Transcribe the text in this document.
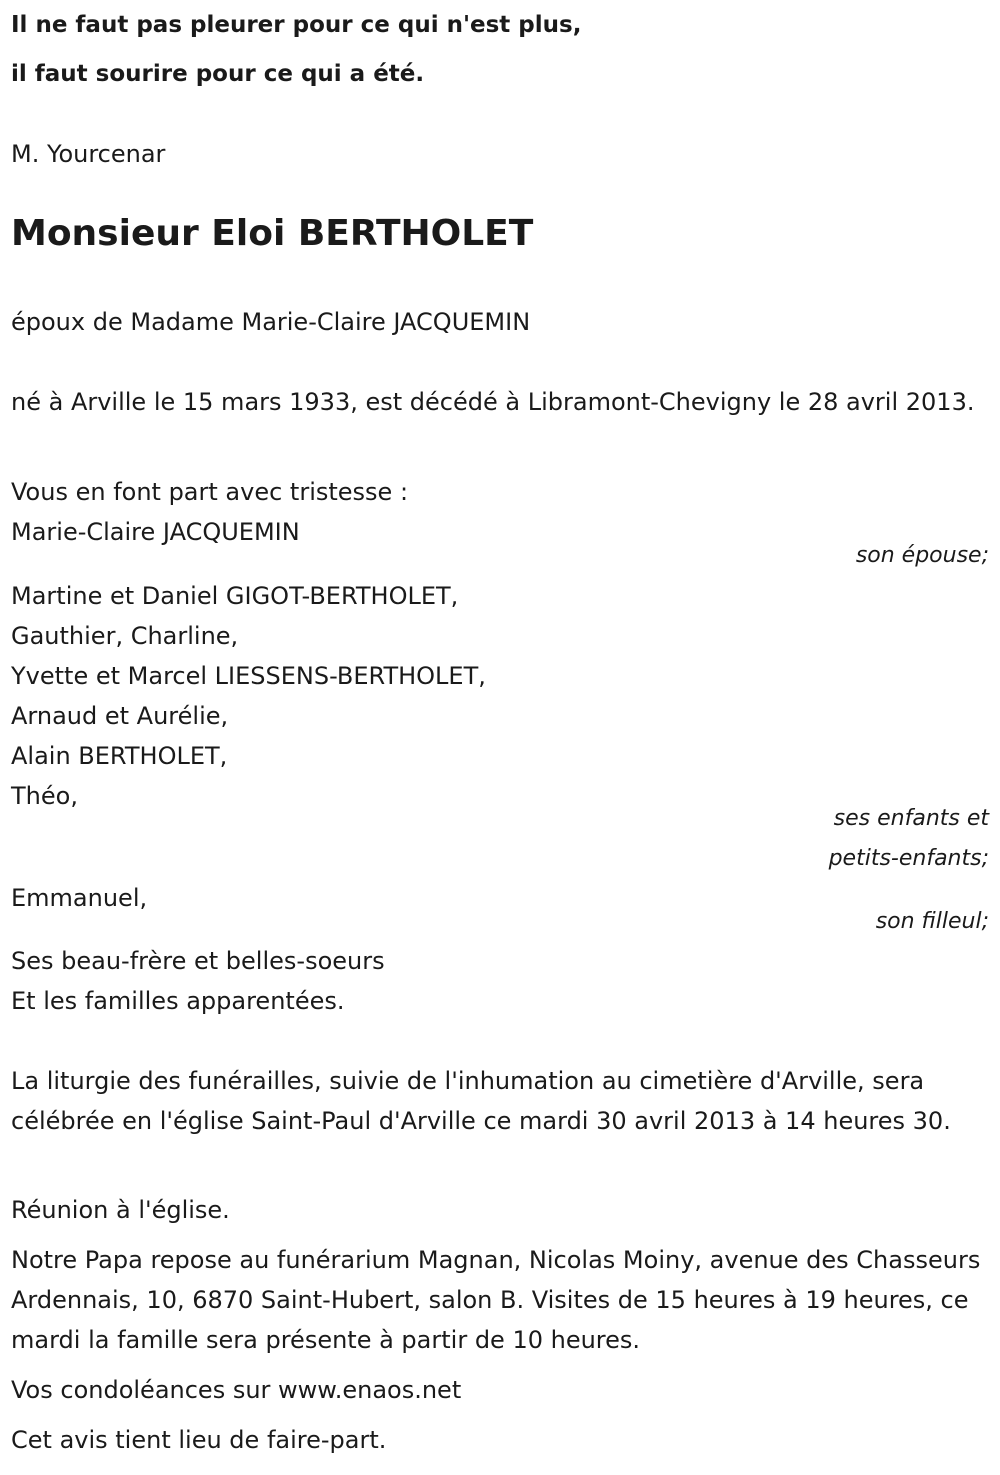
Il ne faut pas pleurer pour ce qui n'est plus,

il faut sourire pour ce qui a été.

M. Yourcenar

Monsieur Eloi BERTHOLET

époux de Madame Marie-Claire JACQUEMIN

né à Arville le 15 mars 1933, est décédé à Libramont-Chevigny le 28 avril 2013.

Vous en font part avec tristesse :

Marie-Claire JACQUEMIN

son épouse;

Martine et Daniel GIGOT-BERTHOLET,

Gauthier, Charline,

Yvette et Marcel LIESSENS-BERTHOLET,

Arnaud et Aurélie,

Alain BERTHOLET,

Théo,

ses enfants et

petits-enfants;

Emmanuel,

son filleul;

Ses beau-frère et belles-soeurs

Et les familles apparentées.

La liturgie des funérailles, suivie de l'inhumation au cimetière d'Arville, sera célébrée en l'église Saint-Paul d'Arville ce mardi 30 avril 2013 à 14 heures 30.

Réunion à l'église.

Notre Papa repose au funérarium Magnan, Nicolas Moiny, avenue des Chasseurs Ardennais, 10, 6870 Saint-Hubert, salon B. Visites de 15 heures à 19 heures, ce mardi la famille sera présente à partir de 10 heures.

Vos condoléances sur www.enaos.net

Cet avis tient lieu de faire-part.
